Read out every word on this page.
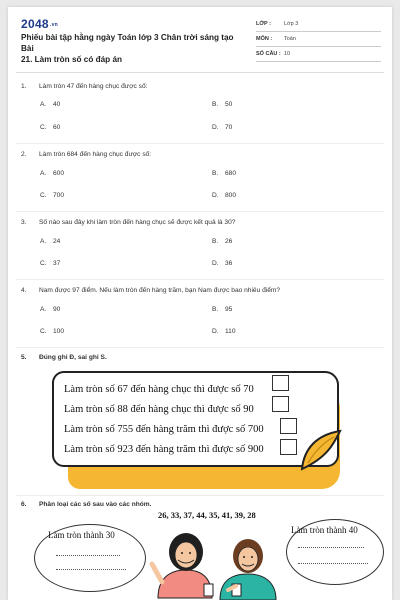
2048.vn
Phiếu bài tập hằng ngày Toán lớp 3 Chân trời sáng tạo Bài
21. Làm tròn số có đáp án
LỚP :	Lớp 3
MÔN :	Toán
SỐ CÂU : 10
1. Làm tròn 47 đến hàng chục được số:
A. 40	B. 50
C. 60	D. 70
2. Làm tròn 684 đến hàng chục được số:
A. 600	B. 680
C. 700	D. 800
3. Số nào sau đây khi làm tròn đến hàng chục sẽ được kết quả là 30?
A. 24	B. 26
C. 37	D. 36
4. Nam được 97 điểm. Nếu làm tròn đến hàng trăm, bạn Nam được bao nhiêu điểm?
A. 90	B. 95
C. 100	D. 110
5. Đúng ghi Đ, sai ghi S.
Làm tròn số 67 đến hàng chục thì được số 70
Làm tròn số 88 đến hàng chục thì được số 90
Làm tròn số 755 đến hàng trăm thì được số 700
Làm tròn số 923 đến hàng trăm thì được số 900
6. Phân loại các số sau vào các nhóm.
26, 33, 37, 44, 35, 41, 39, 28
Làm tròn thành 30	Làm tròn thành 40
